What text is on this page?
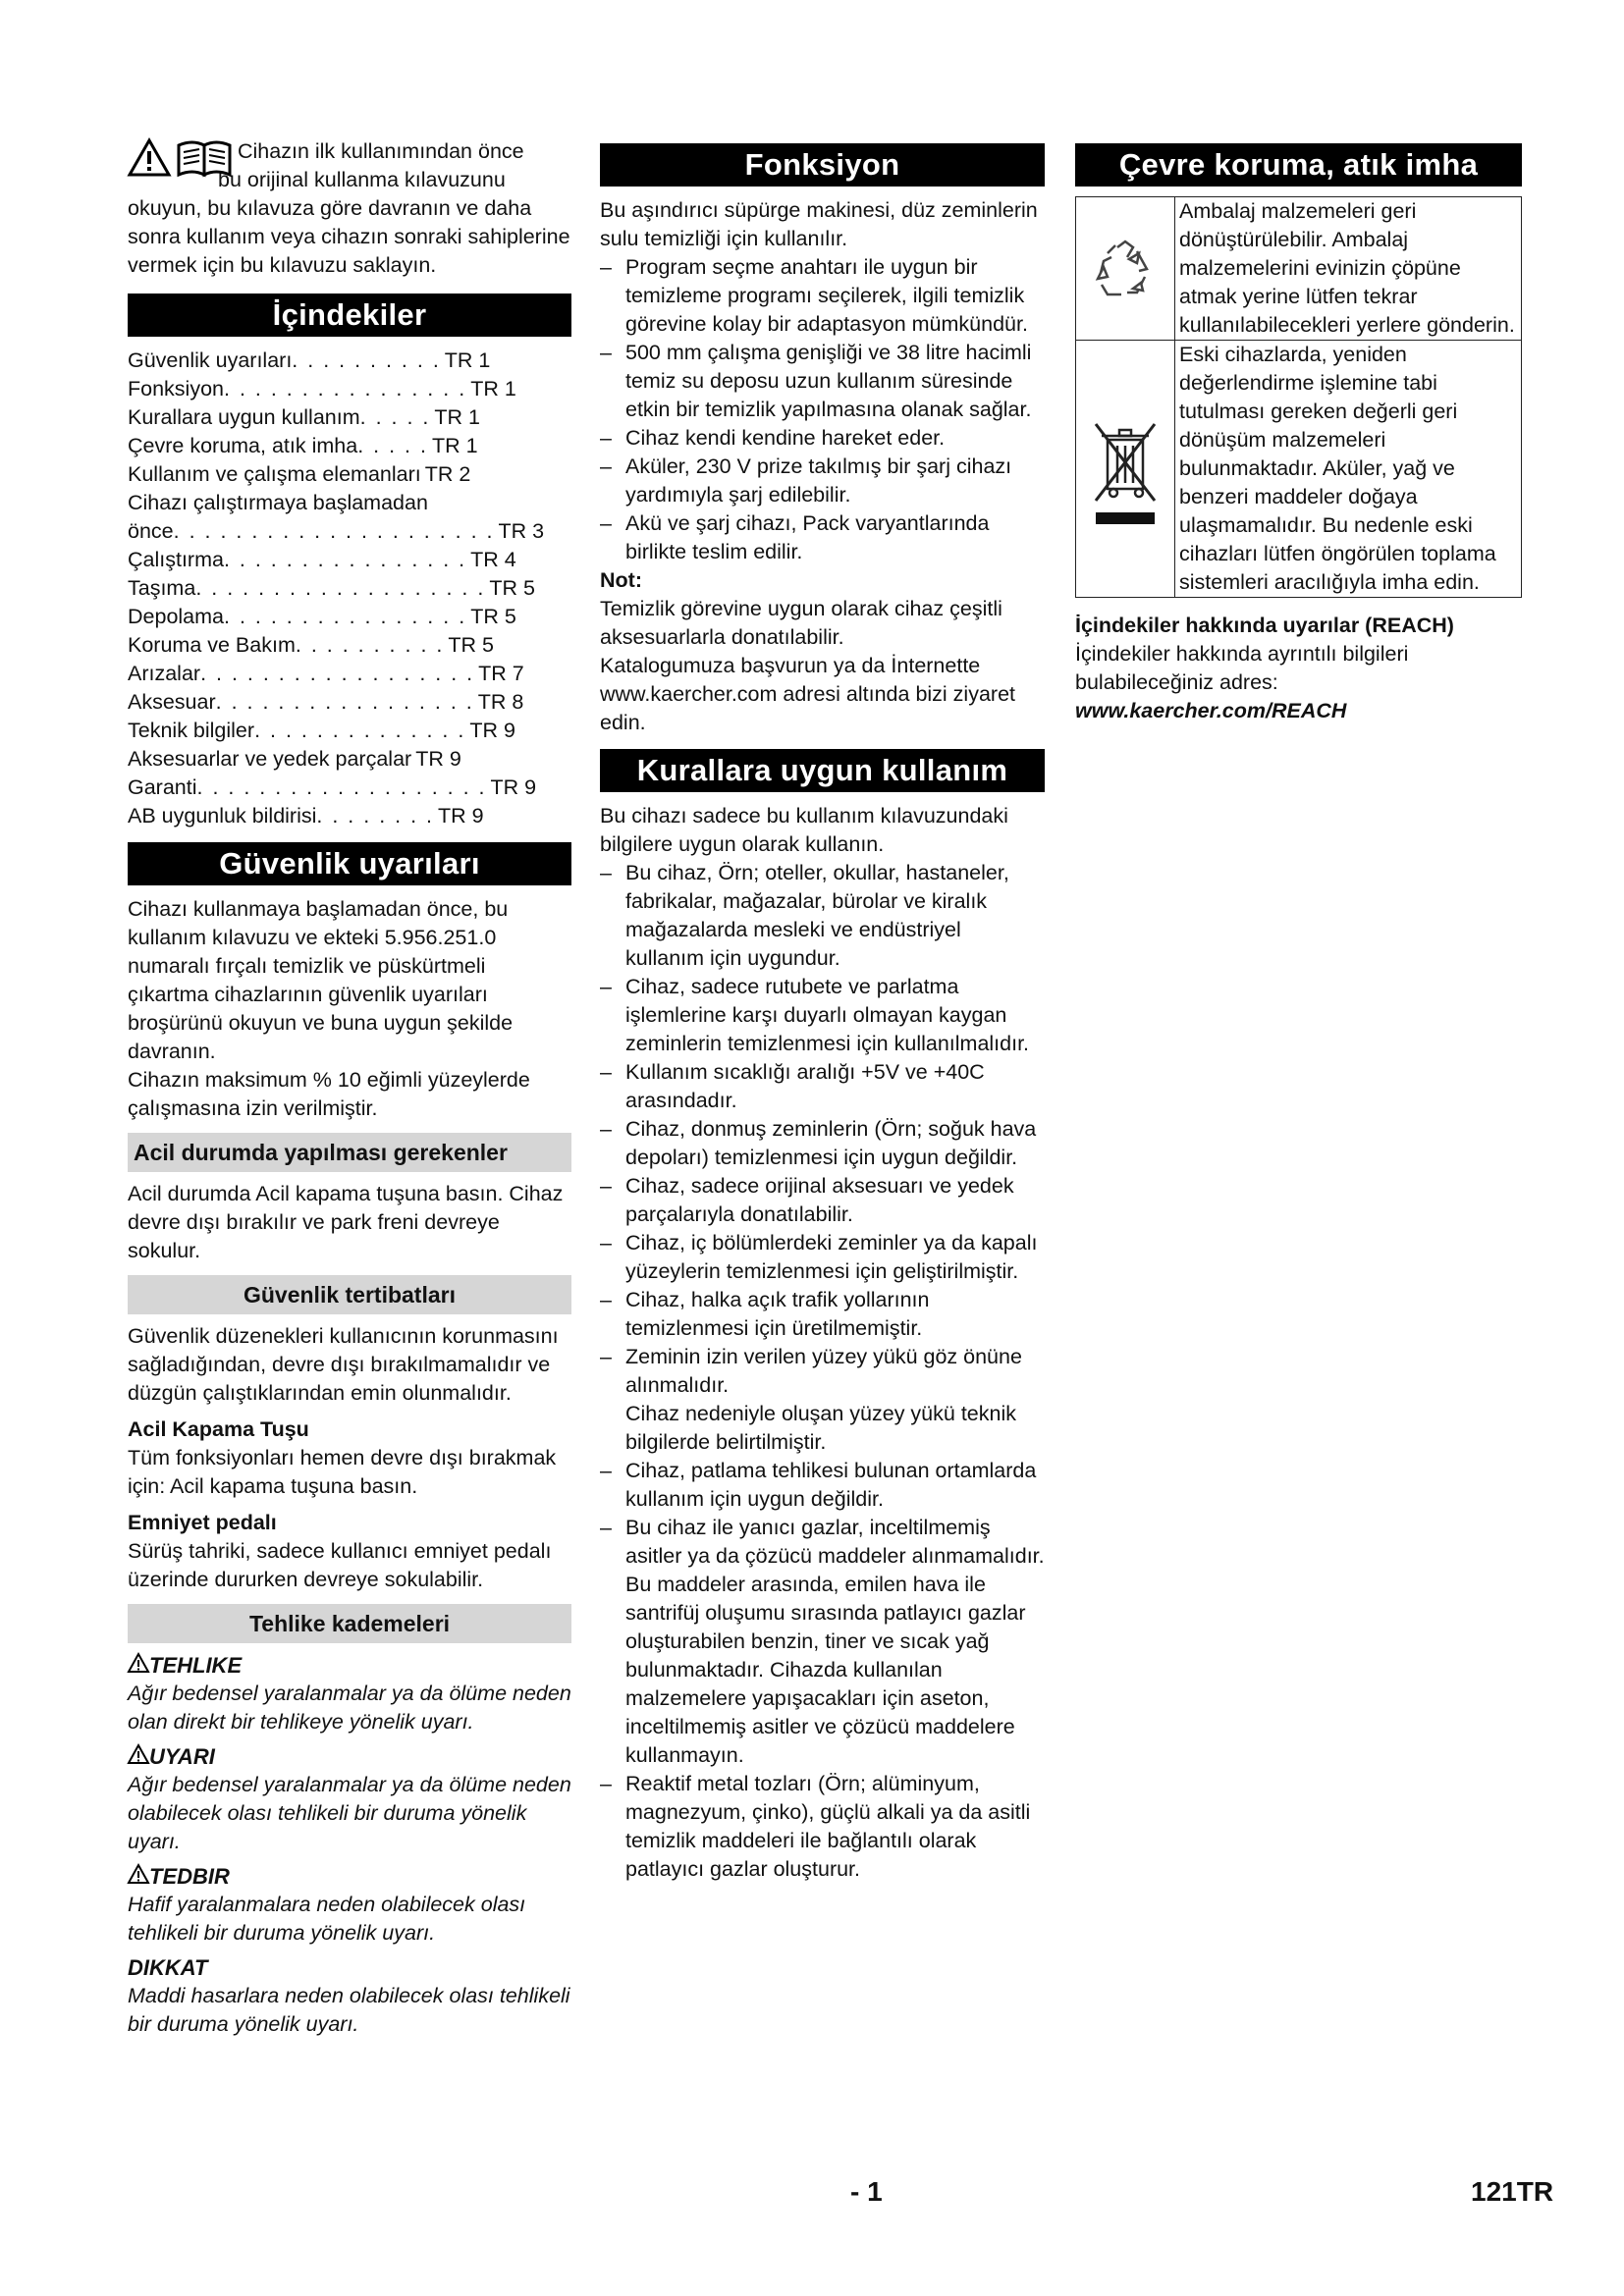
Cihazın ilk kullanımından önce

bu orijinal kullanma kılavuzunu

okuyun, bu kılavuza göre davranın ve daha sonra kullanım veya cihazın sonraki sahiplerine vermek için bu kılavuzu saklayın.

İçindekiler
Güvenlik uyarıları . . . . . . . . . . TR 1
Fonksiyon . . . . . . . . . . . . . . . . TR 1
Kurallara uygun kullanım . . . . . TR 1
Çevre koruma, atık imha . . . . . TR 1
Kullanım ve çalışma elemanları TR 2
Cihazı çalıştırmaya başlamadan
önce . . . . . . . . . . . . . . . . . . . . . TR 3
Çalıştırma . . . . . . . . . . . . . . . . TR 4
Taşıma . . . . . . . . . . . . . . . . . . . TR 5
Depolama . . . . . . . . . . . . . . . . TR 5
Koruma ve Bakım . . . . . . . . . . TR 5
Arızalar . . . . . . . . . . . . . . . . . . TR 7
Aksesuar . . . . . . . . . . . . . . . . . TR 8
Teknik bilgiler . . . . . . . . . . . . . . TR 9
Aksesuarlar ve yedek parçalar TR 9
Garanti . . . . . . . . . . . . . . . . . . . TR 9
AB uygunluk bildirisi . . . . . . . . TR 9
Güvenlik uyarıları

Cihazı kullanmaya başlamadan önce, bu kullanım kılavuzu ve ekteki 5.956.251.0 numaralı fırçalı temizlik ve püskürtmeli çıkartma cihazlarının güvenlik uyarıları broşürünü okuyun ve buna uygun şekilde davranın.

Cihazın maksimum % 10 eğimli yüzeylerde çalışmasına izin verilmiştir.

Acil durumda yapılması gerekenler

Acil durumda Acil kapama tuşuna basın. Cihaz devre dışı bırakılır ve park freni devreye sokulur.

Güvenlik tertibatları

Güvenlik düzenekleri kullanıcının korunmasını sağladığından, devre dışı bırakılmamalıdır ve düzgün çalıştıklarından emin olunmalıdır.

Acil Kapama Tuşu

Tüm fonksiyonları hemen devre dışı bırakmak için: Acil kapama tuşuna basın.

Emniyet pedalı

Sürüş tahriki, sadece kullanıcı emniyet pedalı üzerinde dururken devreye sokulabilir.

Tehlike kademeleri

TEHLIKE

Ağır bedensel yaralanmalar ya da ölüme neden olan direkt bir tehlikeye yönelik uyarı.

UYARI

Ağır bedensel yaralanmalar ya da ölüme neden olabilecek olası tehlikeli bir duruma yönelik uyarı.

TEDBIR

Hafif yaralanmalara neden olabilecek olası tehlikeli bir duruma yönelik uyarı.

DIKKAT

Maddi hasarlara neden olabilecek olası tehlikeli bir duruma yönelik uyarı.

Fonksiyon

Bu aşındırıcı süpürge makinesi, düz zeminlerin sulu temizliği için kullanılır.

–Program seçme anahtarı ile uygun bir temizleme programı seçilerek, ilgili temizlik görevine kolay bir adaptasyon mümkündür.

–500 mm çalışma genişliği ve 38 litre hacimli temiz su deposu uzun kullanım süresinde etkin bir temizlik yapılmasına olanak sağlar.

–Cihaz kendi kendine hareket eder.

–Aküler, 230 V prize takılmış bir şarj cihazı yardımıyla şarj edilebilir.

–Akü ve şarj cihazı, Pack varyantlarında birlikte teslim edilir.

Not:

Temizlik görevine uygun olarak cihaz çeşitli aksesuarlarla donatılabilir.

Katalogumuza başvurun ya da İnternette www.kaercher.com adresi altında bizi ziyaret edin.

Kurallara uygun kullanım

Bu cihazı sadece bu kullanım kılavuzundaki bilgilere uygun olarak kullanın.

–Bu cihaz, Örn; oteller, okullar, hastaneler, fabrikalar, mağazalar, bürolar ve kiralık mağazalarda mesleki ve endüstriyel kullanım için uygundur.

–Cihaz, sadece rutubete ve parlatma işlemlerine karşı duyarlı olmayan kaygan zeminlerin temizlenmesi için kullanılmalıdır.

–Kullanım sıcaklığı aralığı +5V ve +40C arasındadır.

–Cihaz, donmuş zeminlerin (Örn; soğuk hava depoları) temizlenmesi için uygun değildir.

–Cihaz, sadece orijinal aksesuarı ve yedek parçalarıyla donatılabilir.

–Cihaz, iç bölümlerdeki zeminler ya da kapalı yüzeylerin temizlenmesi için geliştirilmiştir.

–Cihaz, halka açık trafik yollarının temizlenmesi için üretilmemiştir.

–Zeminin izin verilen yüzey yükü göz önüne alınmalıdır.

Cihaz nedeniyle oluşan yüzey yükü teknik bilgilerde belirtilmiştir.

–Cihaz, patlama tehlikesi bulunan ortamlarda kullanım için uygun değildir.

–Bu cihaz ile yanıcı gazlar, inceltilmemiş asitler ya da çözücü maddeler alınmamalıdır.

Bu maddeler arasında, emilen hava ile santrifüj oluşumu sırasında patlayıcı gazlar oluşturabilen benzin, tiner ve sıcak yağ bulunmaktadır. Cihazda kullanılan malzemelere yapışacakları için aseton, inceltilmemiş asitler ve çözücü maddelere kullanmayın.

–Reaktif metal tozları (Örn; alüminyum, magnezyum, çinko), güçlü alkali ya da asitli temizlik maddeleri ile bağlantılı olarak patlayıcı gazlar oluşturur.

Çevre koruma, atık imha
Ambalaj malzemeleri geri dönüştürülebilir. Ambalaj malzemelerini evinizin çöpüne atmak yerine lütfen tekrar kullanılabilecekleri yerlere gönderin.
Eski cihazlarda, yeniden değerlendirme işlemine tabi tutulması gereken değerli geri dönüşüm malzemeleri bulunmaktadır. Aküler, yağ ve benzeri maddeler doğaya ulaşmamalıdır. Bu nedenle eski cihazları lütfen öngörülen toplama sistemleri aracılığıyla imha edin.

İçindekiler hakkında uyarılar (REACH)

İçindekiler hakkında ayrıntılı bilgileri bulabileceğiniz adres:

www.kaercher.com/REACH

- 1	121TR
